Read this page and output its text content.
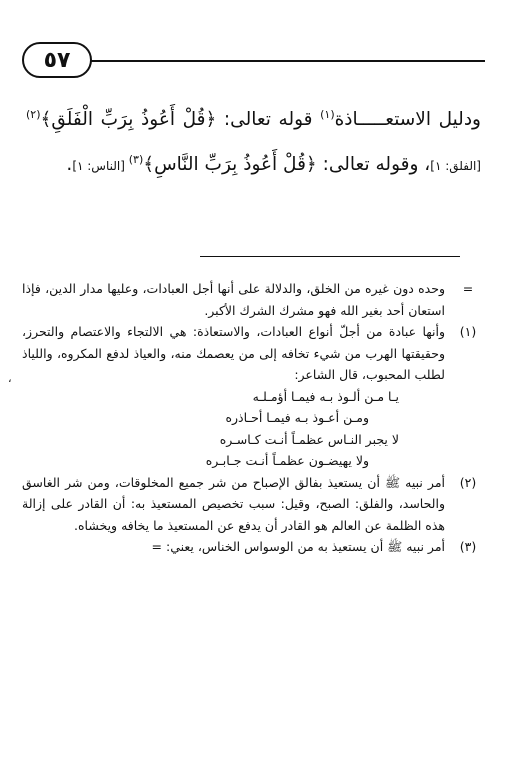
٥٧

ودليل الاستعـــــاذة$^{(١)}$ قوله تعالى: ﴿قُلْ أَعُوذُ بِرَبِّ الْفَلَقِ﴾$^{(٢)}$ [الفلق: ١]، وقوله تعالى: ﴿قُلْ أَعُوذُ بِرَبِّ النَّاسِ﴾$^{(٣)}$ [الناس: ١].

،
=
وحده دون غيره من الخلق، والدلالة على أنها أجل العبادات، وعليها مدار الدين، فإذا استعان أحد بغير الله فهو مشرك الشرك الأكبر.
(١)
وأنها عبادة من أجلّ أنواع العبادات، والاستعاذة: هي الالتجاء والاعتصام والتحرز، وحقيقتها الهرب من شيء تخافه إلى من يعصمك منه، والعياذ لدفع المكروه، واللياذ لطلب المحبوب، قال الشاعر:
يـا مـن ألـوذ بـه فيمـا أؤمـلـه
ومـن أعـوذ بـه فيمـا أحـاذره
لا يجبر النـاس عظمـاً أنـت كـاسـره
ولا يهيضـون عظمـاً أنـت جـابـره
(٢)
أمر نبيه ﷺ أن يستعيذ بفالق الإصباح من شر جميع المخلوقات، ومن شر الغاسق والحاسد، والفلق: الصبح، وقيل: سبب تخصيص المستعيذ به: أن القادر على إزالة هذه الظلمة عن العالم هو القادر أن يدفع عن المستعيذ ما يخافه ويخشاه.
(٣)
أمر نبيه ﷺ أن يستعيذ به من الوسواس الخناس، يعني: =
